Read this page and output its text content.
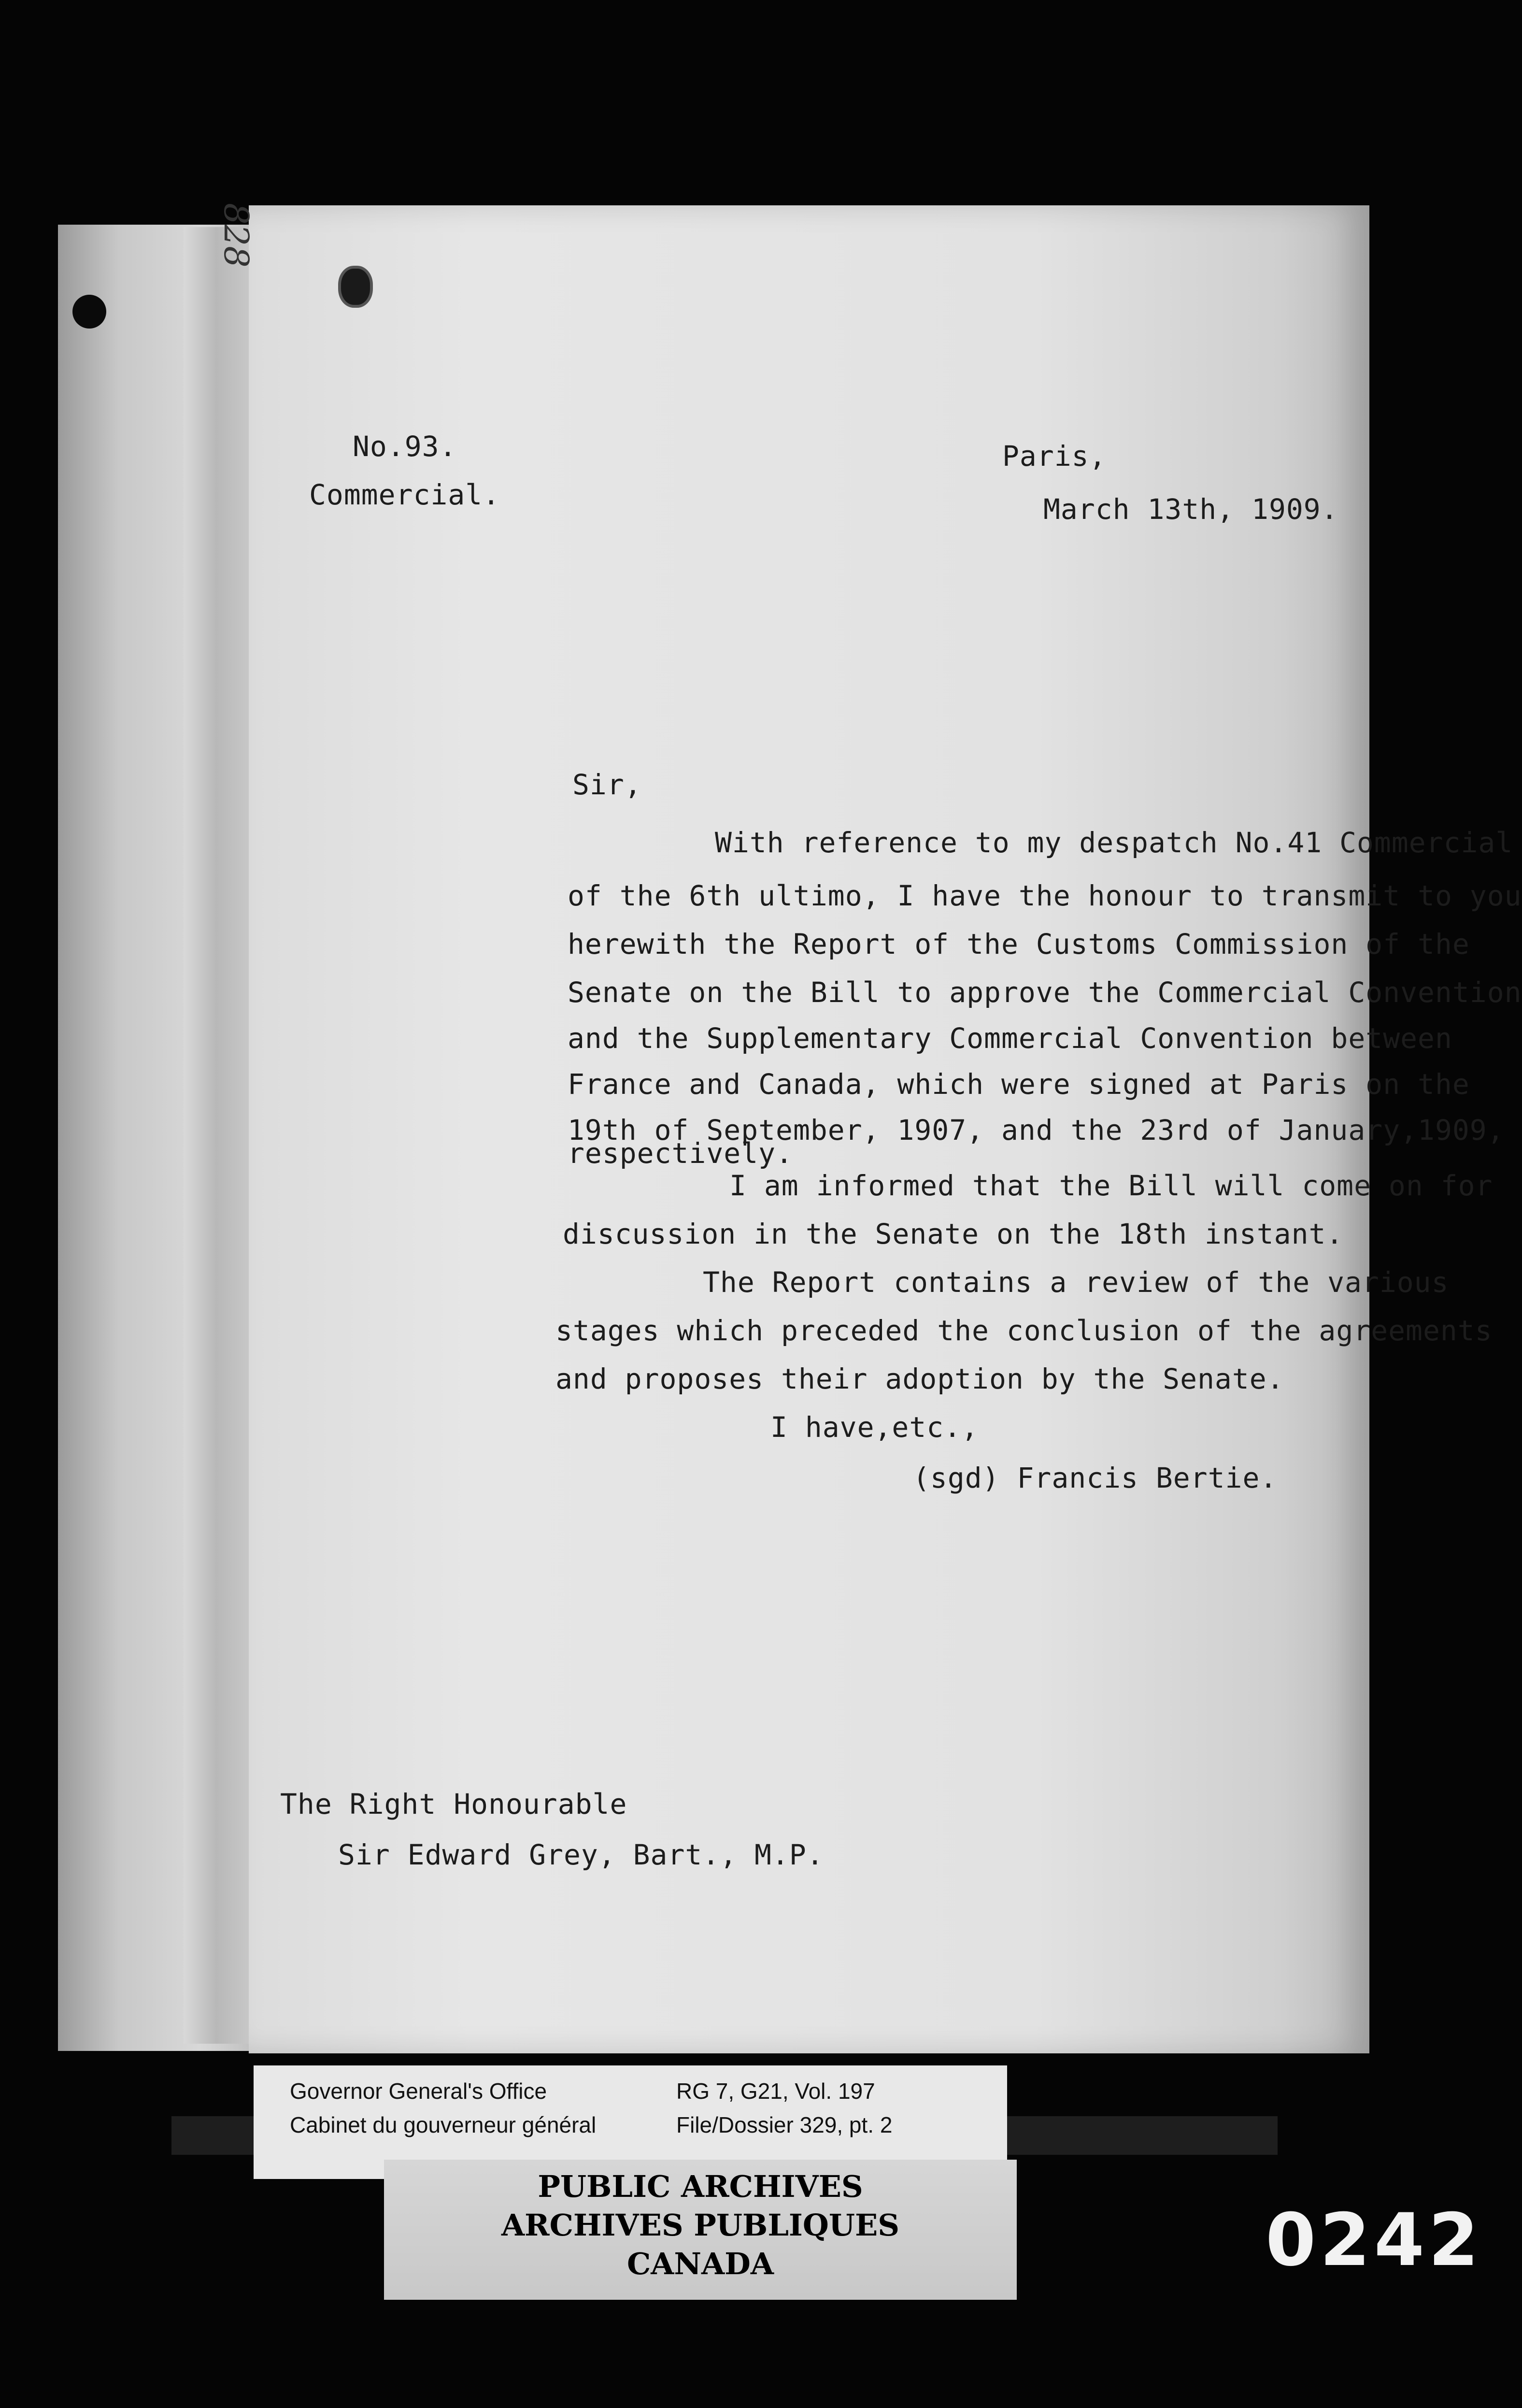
828
No.93.
Commercial.
Paris,
March 13th, 1909.
Sir,
With reference to my despatch No.41 Commercial
of the 6th ultimo, I have the honour to transmit to you
herewith the Report of the Customs Commission of the
Senate on the Bill to approve the Commercial Convention
and the Supplementary Commercial Convention between
France and Canada, which were signed at Paris on the
19th of September, 1907, and the 23rd of January,1909,
respectively.
I am informed that the Bill will come on for
discussion in the Senate on the 18th instant.
The Report contains a review of the various
stages which preceded the conclusion of the agreements
and proposes their adoption by the Senate.
I have,etc.,
(sgd) Francis Bertie.
The Right Honourable
Sir Edward Grey, Bart., M.P.
Governor General's Office
Cabinet du gouverneur général
RG 7, G21, Vol. 197
File/Dossier 329, pt. 2
PUBLIC ARCHIVES
ARCHIVES PUBLIQUES
CANADA	0242
